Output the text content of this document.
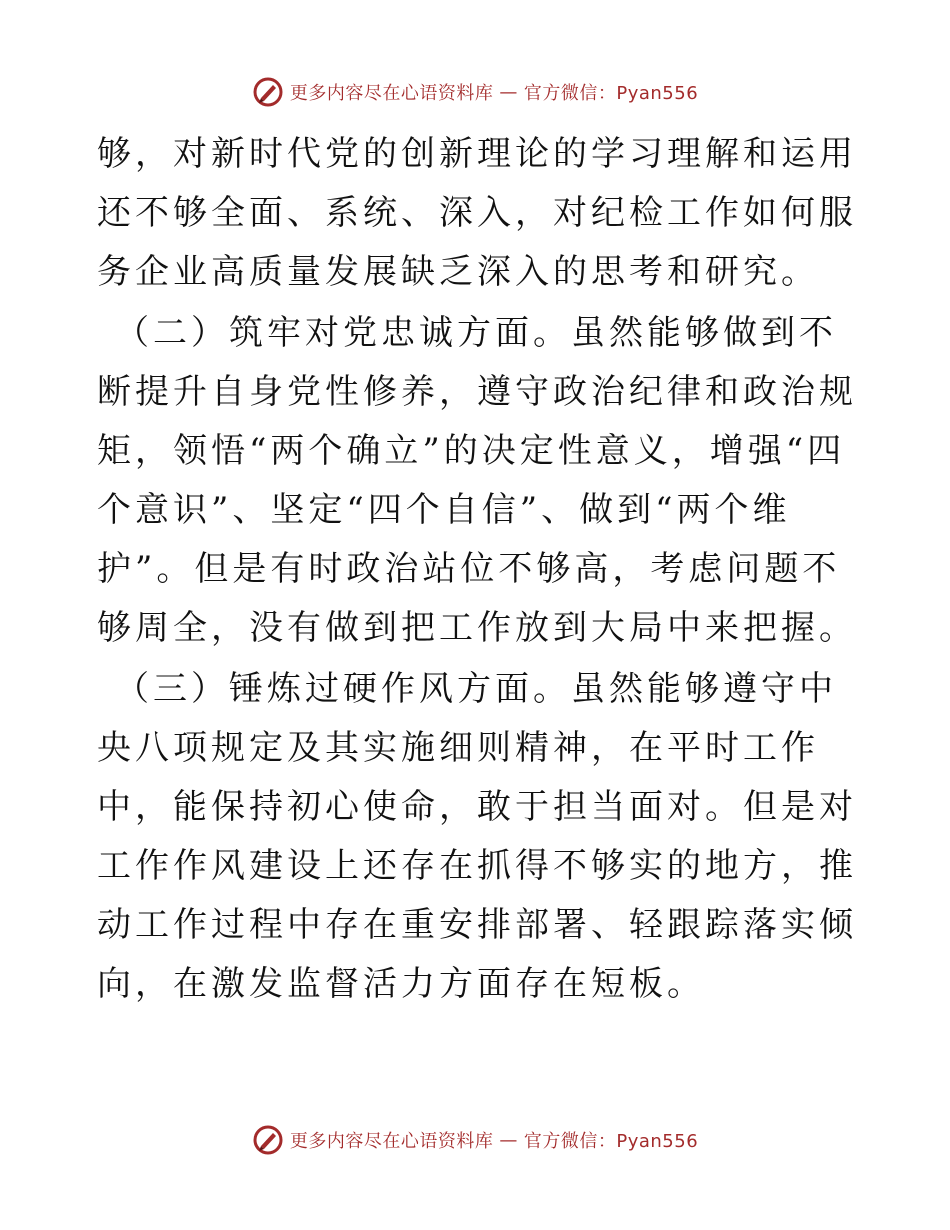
更多内容尽在心语资料库 — 官方微信：Pyan556

够，对新时代党的创新理论的学习理解和运用还不够全面、系统、深入，对纪检工作如何服务企业高质量发展缺乏深入的思考和研究。

（二）筑牢对党忠诚方面。虽然能够做到不断提升自身党性修养，遵守政治纪律和政治规矩，领悟“两个确立”的决定性意义，增强“四个意识”、坚定“四个自信”、做到“两个维护”。但是有时政治站位不够高，考虑问题不够周全，没有做到把工作放到大局中来把握。

（三）锤炼过硬作风方面。虽然能够遵守中央八项规定及其实施细则精神，在平时工作中，能保持初心使命，敢于担当面对。但是对工作作风建设上还存在抓得不够实的地方，推动工作过程中存在重安排部署、轻跟踪落实倾向，在激发监督活力方面存在短板。

更多内容尽在心语资料库 — 官方微信：Pyan556
